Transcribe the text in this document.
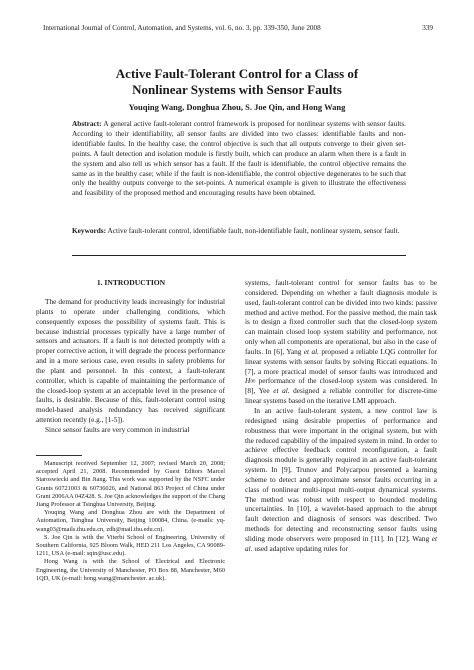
International Journal of Control, Automation, and Systems, vol. 6, no. 3, pp. 339-350, June 2008	339
Active Fault-Tolerant Control for a Class of
Nonlinear Systems with Sensor Faults
Youqing Wang, Donghua Zhou, S. Joe Qin, and Hong Wang
Abstract: A general active fault-tolerant control framework is proposed for nonlinear systems with sensor faults. According to their identifiability, all sensor faults are divided into two classes: identifiable faults and non-identifiable faults. In the healthy case, the control objective is such that all outputs converge to their given set-points. A fault detection and isolation module is firstly built, which can produce an alarm when there is a fault in the system and also tell us which sensor has a fault. If the fault is identifiable, the control objective remains the same as in the healthy case; while if the fault is non-identifiable, the control objective degenerates to be such that only the healthy outputs converge to the set-points. A numerical example is given to illustrate the effectiveness and feasibility of the proposed method and encouraging results have been obtained.
Keywords: Active fault-tolerant control, identifiable fault, non-identifiable fault, nonlinear system, sensor fault.
1. INTRODUCTION

The demand for productivity leads increasingly for industrial plants to operate under challenging conditions, which consequently exposes the possibility of systems fault. This is because industrial processes typically have a large number of sensors and actuators. If a fault is not detected promptly with a proper corrective action, it will degrade the process performance and in a more serious case, even results in safety problems for the plant and personnel. In this context, a fault-tolerant controller, which is capable of maintaining the performance of the closed-loop system at an acceptable level in the presence of faults, is desirable. Because of this, fault-tolerant control using model-based analysis redundancy has received significant attention recently (e.g., [1-5]).

Since sensor faults are very common in industrial

Manuscript received September 12, 2007; revised March 20, 2008; accepted April 21, 2008. Recommended by Guest Editors Marcel Staroswiecki and Bin Jiang. This work was supported by the NSFC under Grants 60721003 & 60736026, and National 863 Project of China under Grant 2006AA 04Z428. S. Joe Qin acknowledges the support of the Chang Jiang Professor at Tsinghua University, Beijing.

Youqing Wang and Donghua Zhou are with the Department of Automation, Tsinghua University, Beijing 100084, China. (e-mails: yq-wang03@mails.thu.edu.cn, zdh@mail.thu.edu.cn).

S. Joe Qin is with the Viterbi School of Engineering, University of Southern California, 925 Bloom Walk, HED 211 Los Angeles, CA 90089-1211, USA (e-mail: sqin@usc.edu).

Hong Wang is with the School of Electrical and Electronic Engineering, the University of Manchester, PO Box 88, Manchester, M60 1QD, UK (e-mail: hong.wang@manchester. ac.uk).

systems, fault-tolerant control for sensor faults has to be considered. Depending on whether a fault diagnosis module is used, fault-tolerant control can be divided into two kinds: passive method and active method. For the passive method, the main task is to design a fixed controller such that the closed-loop system can maintain closed loop system stability and performance, not only when all components are operational, but also in the case of faults. In [6], Yang et al. proposed a reliable LQG controller for linear systems with sensor faults by solving Riccati equations. In [7], a more practical model of sensor faults was introduced and H∞ performance of the closed-loop system was considered. In [8], Yee et al. designed a reliable controller for discrete-time linear systems based on the iterative LMI approach.

In an active fault-tolerant system, a new control law is redesigned using desirable properties of performance and robustness that were important in the original system, but with the reduced capability of the impaired system in mind. In order to achieve effective feedback control reconfiguration, a fault diagnosis module is generally required in an active fault-tolerant system. In [9], Trunov and Polycarpou presented a learning scheme to detect and approximate sensor faults occurring in a class of nonlinear multi-input multi-output dynamical systems. The method was robust with respect to bounded modeling uncertainties. In [10], a wavelet-based approach to the abrupt fault detection and diagnosis of sensors was described. Two methods for detecting and reconstructing sensor faults using sliding mode observers were proposed in [11]. In [12], Wang et al. used adaptive updating rules for
